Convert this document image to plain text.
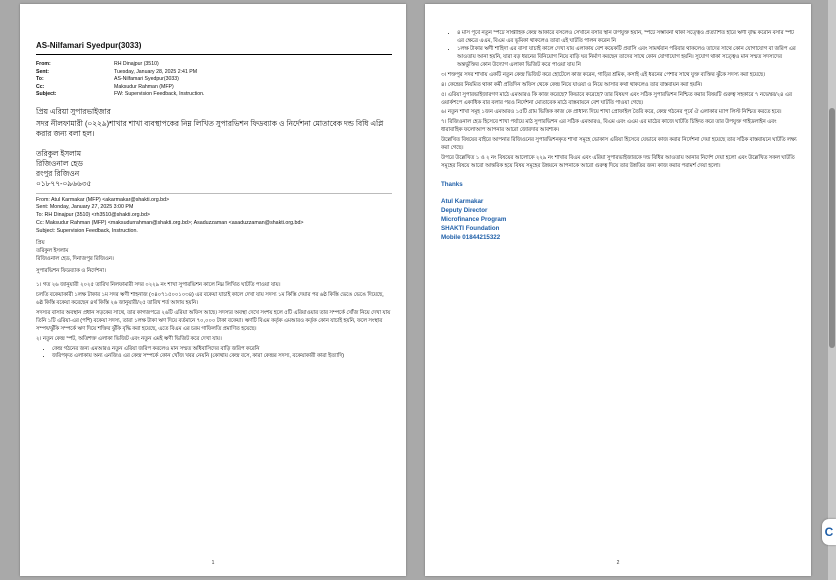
AS-Nilfamari Syedpur(3033)
From:	RH Dinajpur (3510)
Sent:	Tuesday, January 28, 2025 2:41 PM
To:	AS-Nilfamari Syedpur(3033)
Cc:	Maksudur Rahman (MFP)
Subject:	FW: Supervision Feedback, Instruction.

প্রিয় এরিয়া সুপারভাইজার

সদর নীলফামারী (০২২৯)শাখার শাখা ব্যবস্থাপকের নিম্ন লিখিত সুপারভিশন ফিডব্যাক ও নির্দেশনা মোতাবেক দন্ড বিধি এপ্লি করার জন্য বলা হল।

তরিকুল ইসলাম
রিজিওনাল হেড
রংপুর রিজিওন
০১৮৭৭-০৯৬৬৩৫
From: Atul Karmakar (MFP) <akarmakar@shakti.org.bd>
Sent: Monday, January 27, 2025 3:00 PM
To: RH Dinajpur (3510) <rh3510@shakti.org.bd>
Cc: Maksudur Rahman (MFP) <maksudurrahman@shakti.org.bd>; Asaduzzaman <asaduzzaman@shakti.org.bd>
Subject: Supervision Feedback, Instruction.
প্রিয়
তরিকুল ইসলাম
রিজিওনাল হেড, দিনাজপুর রিজিওন।

সুপারভিশন ফিডব্যাক ও নির্দেশনা।

১। গত ২৬ জানুয়ারী ২০২৫ তারিখ নিলফামারী সদর ০২২৯ নং শাখা সুপারভিশন কালে নিম্ন লিখিত ঘাটতি পাওয়া যায়।

চলতি বকেয়াকারী ১লক্ষ টাকার ১ম সদর ঋণী শাহনাজ (৩৪০৭১৫০০১০৩৪) এর বকেয়া যাচাই কালে দেখা যায় সদস্য ১ম কিস্তি দেয়ার পর ৬ষ্ঠ কিস্তি ভেঙে ভেঙে দিয়েছে, ৬ষ্ঠ কিস্তি বকেয়া করেছেন ৪র্থ কিস্তি ২৬ জানুয়ারী/২৫ তারিখ শর্ত আদায় হয়নি।

সদস্যর বাসার অবস্থান প্রধান সড়কের সাথে, তার কাগজপত্রে ২৬টি এরিয়া অফিস আছে। সদস্যর অবস্থা দেখে সংশয় হলে ৫টি এরিয়াওয়ার তার সম্পর্কে খোঁজ নিয়ে দেখা যায় তিনি ১টি এরিয়া-এর (পশি) বকেয়া সদস্য, তারা ১লক্ষ টাকা ঋণ দিয়ে বর্তমানে ৭০,০০০ টাকা বকেয়া। ঋণটি বিএম কর্তৃক এমআরও কর্তৃক কোন যাচাই হয়নি, ফলে সংস্থার সম্পদ/ঝুঁকি সম্পর্কে ঋণ দিয়ে শক্তির ঝুঁকি বৃদ্ধি করা হয়েছে, এতে বিএম এর চরম গাফিলতি প্রমাণিত হয়েছে।

২। নতুন কেন্দ্র স্পট, অতিশক্ত এলাকা ভিজিট এবং নতুন এমই ঋণী ভিজিট করে দেখা যায়।

• কেন্দ্র গঠনের জন্য এমআরও নতুন এরিয়া জরিপ করলেও মান সম্মত অধিবাসিদের বাড়ি জরিপ করেনি
• জরিপকৃত এলাকায় অন্য এনজিও এর কেন্দ্র সম্পর্কে কোন খোঁজ খবর নেয়নি (কোথায় কেন্দ্র বসে, কারা কেন্দ্রর সদস্য, বকেয়াকারী কারা ইত্যাদি)
1
• ৪ মাস পূর্বে নতুন স্পটে সাপ্তাহিক কেন্দ্র আকারে বসলেও সেখানে বসার স্থান উপযুক্ত হয়নি, স্পটে সম্ভাবনা থাকা সত্ত্বেও প্রত্যাশিত হারে ঋণী বৃদ্ধি করেনি বসার স্পট এর ক্ষেত্রে এএম, বিএম এর ভূমিকা থাকলেও তারা এই ঘাটতি পালন করেন নি
• ১লক্ষ টাকার ঋণী শাহিদা এর বাসা যাচাই কালে দেখা যায় এলাকায় বেশ কয়েকটি প্রবাসি এবং সামর্থবান পরিবার থাকলেও তাদের সাথে কোন যোগাযোগ বা জরিপ এর আওতায় আনা হয়নি, যারা বড় ধরনের বিনিয়োগ নিয়ে বাড়ি ঘর নির্মাণ করছেন তাদের সাথে কোন যোগাযোগ হয়নি। সুযোগ থাকা সত্ত্বেও মান সম্মত সদস্যদের অন্তর্ভুক্তির কোন উদ্যোগ এলাকা ভিজিট করে পাওয়া যায় নি

৩। শক্তপুর সদর শাখায় একটি নতুন কেন্দ্র ভিজিট করে হোটেলে কাজ করেন, গাড়ির শ্রমিক, কসাই এই ধরনের পেশার সাথে যুক্ত ব্যক্তির ঝুঁকে সদস্য করা হয়েছে।

৪। কেন্দ্রের নিয়মিত থাকা কর্মী প্রতিদিন অফিস থেকে কেন্দ্র নিয়ে যাওয়া ও নিয়ে আসার কথা থাকলেও তার বাস্তবায়ন করা হয়নি।

৫। এরিয়া সুপারভাইজারগণ মাঠে এমআরও কি কাজ করেছে? কিভাবে করেছে? তার বিষয়গ এবং সঠিক সুপারভিশন নিশ্চিত করার বিষয়টি গুরুত্ব সহকারে ৭ নভেম্বর/২৪ এর ওয়ার্কশপে একাধিক বার বলার পরও নির্দেশনা মোতাবেক মাঠে বাস্তবায়নে বেশ ঘাটতি পাওয়া গেছে।

৬। নতুন শাখা সমূহ ১জন এমআরও ১৫টি গ্রাম ভিত্তিক কাজ কে প্রাধান্য দিয়ে শাখা প্রোফাইল তৈরি করে, কেন্দ্র গঠনের পূর্বে ঐ এলাকার ম্যাপ লিস্ট নিশ্চিত করতে হবে।

৭। রিজিওনাল হেড হিসেবে শাখা পর্যায়ে মাঠ সুপারভিশন এর সঠিক এমআরও, বিএম এবং এএম এর মাঠের কাজে ঘাটতি চিহ্নিত করে তার উপযুক্ত গাইডলাইন এবং ধারাবাহিক ফলোআপ আপনার আরো জোরদার আবশ্যক।

উল্লেখিত বিষয়ের বাইরে আপনার রিজিওনের সুপারভিশনকৃত শাখা সমূহে ভোকাস এরিয়া হিসেবে যেভাবে কাজ করার নির্দেশনা দেয়া হয়েছে তার সঠিক বাস্তবায়নে ঘাটতি লক্ষ্য করা গেছে।

উপরে উল্লেখিত ১ ও ২ নং বিষয়ের আলোকে ২২৯ নং শাখার বিএম এবং এরিয়া সুপারভাইজারকে দন্ড বিধির আওতায় আনার নির্দেশ দেয়া হলো এবং উল্লেখিত সকল ঘাটতি সমূহের বিষয়ে আরো আন্তরিক হয়ে বিষয় সমূহের উন্নয়নে আপনাকে আরো গুরুত্ব দিয়ে তার উন্নতির জন্য কাজ করার পরামর্শ দেয়া হলো।

Thanks
Atul Karmakar
Deputy Director
Microfinance Program
SHAKTI Foundation
Mobile 01844215322
2
C
